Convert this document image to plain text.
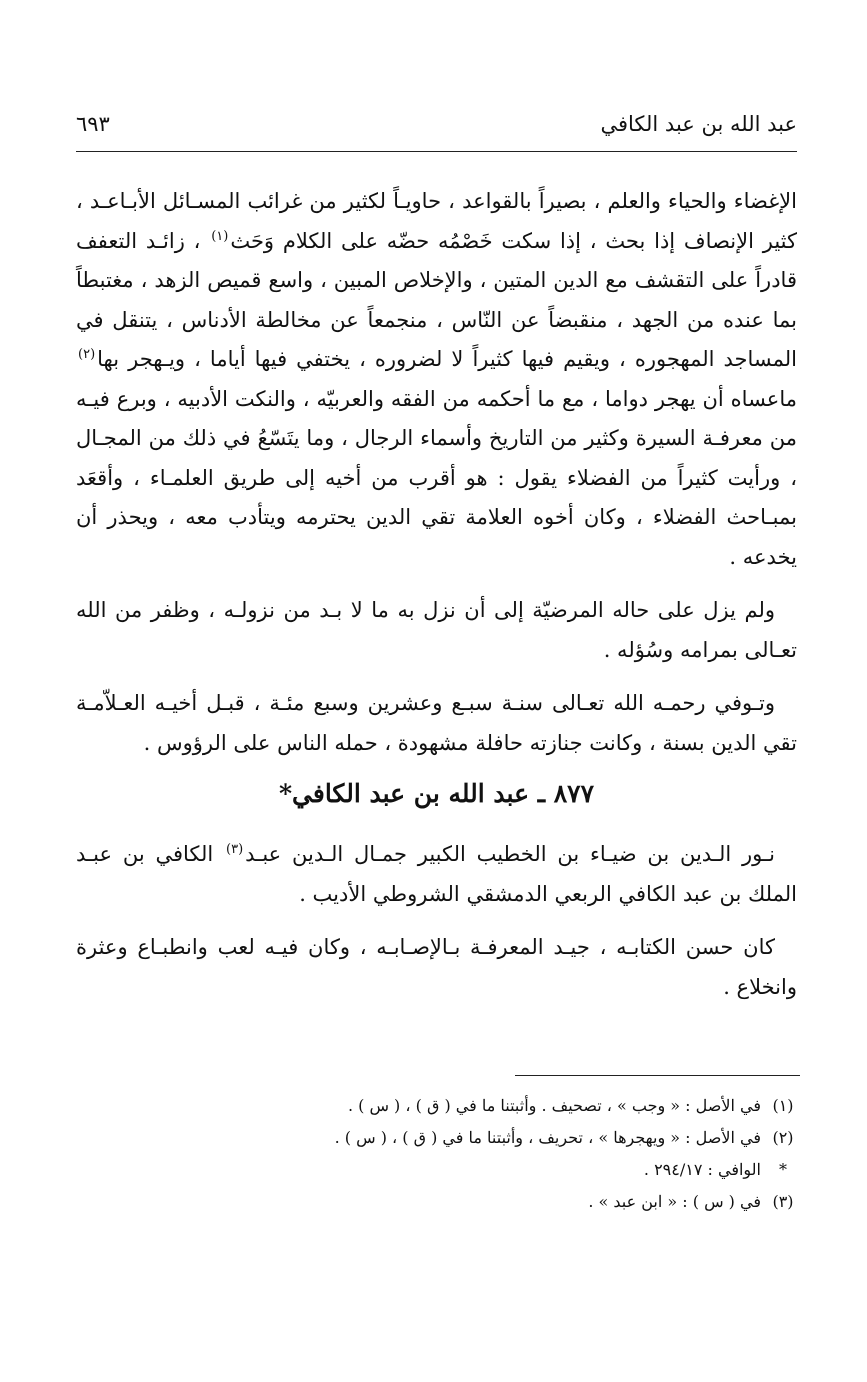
عبد الله بن عبد الكافي
٦٩٣

الإغضاء والحياء والعلم ، بصيراً بالقواعد ، حاويـاً لكثير من غرائب المسـائل الأبـاعـد ، كثير الإنصاف إذا بحث ، إذا سكت خَصْمُه حضّه على الكلام وَحَث$^{(١)}$ ، زائـد التعفف قادراً على التقشف مع الدين المتين ، والإخلاص المبين ، واسع قميص الزهد ، مغتبطاً بما عنده من الجهد ، منقبضاً عن النّاس ، منجمعاً عن مخالطة الأدناس ، يتنقل في المساجد المهجوره ، ويقيم فيها كثيراً لا لضروره ، يختفي فيها أياما ، ويـهجر بها$^{(٢)}$ ماعساه أن يهجر دواما ، مع ما أحكمه من الفقه والعربيّه ، والنكت الأدبيه ، وبرع فيـه من معرفـة السيرة وكثير من التاريخ وأسماء الرجال ، وما يتَسّعُ في ذلك من المجـال ، ورأيت كثيراً من الفضلاء يقول : هو أقرب من أخيه إلى طريق العلمـاء ، وأقعَد بمبـاحث الفضلاء ، وكان أخوه العلامة تقي الدين يحترمه ويتأدب معه ، ويحذر أن يخدعه .

ولم يزل على حاله المرضيّة إلى أن نزل به ما لا بـد من نزولـه ، وظفر من الله تعـالى بمرامه وسُؤله .

وتـوفي رحمـه الله تعـالى سنـة سبـع وعشرين وسبع مئـة ، قبـل أخيـه العـلاّمـة تقي الدين بسنة ، وكانت جنازته حافلة مشهودة ، حمله الناس على الرؤوس .

٨٧٧ ـ عبد الله بن عبد الكافي*

نـور الـدين بن ضيـاء بن الخطيب الكبير جمـال الـدين عبـد$^{(٣)}$ الكافي بن عبـد الملك بن عبد الكافي الربعي الدمشقي الشروطي الأديب .

كان حسن الكتابـه ، جيـد المعرفـة بـالإصـابـه ، وكان فيـه لعب وانطبـاع وعثرة وانخلاع .

(١)
في الأصل : « وجب » ، تصحيف . وأثبتنا ما في ( ق ) ، ( س ) .
(٢)
في الأصل : « ويهجرها » ، تحريف ، وأثبتنا ما في ( ق ) ، ( س ) .
*
الوافي : ٢٩٤/١٧ .
(٣)
في ( س ) : « ابن عبد » .
